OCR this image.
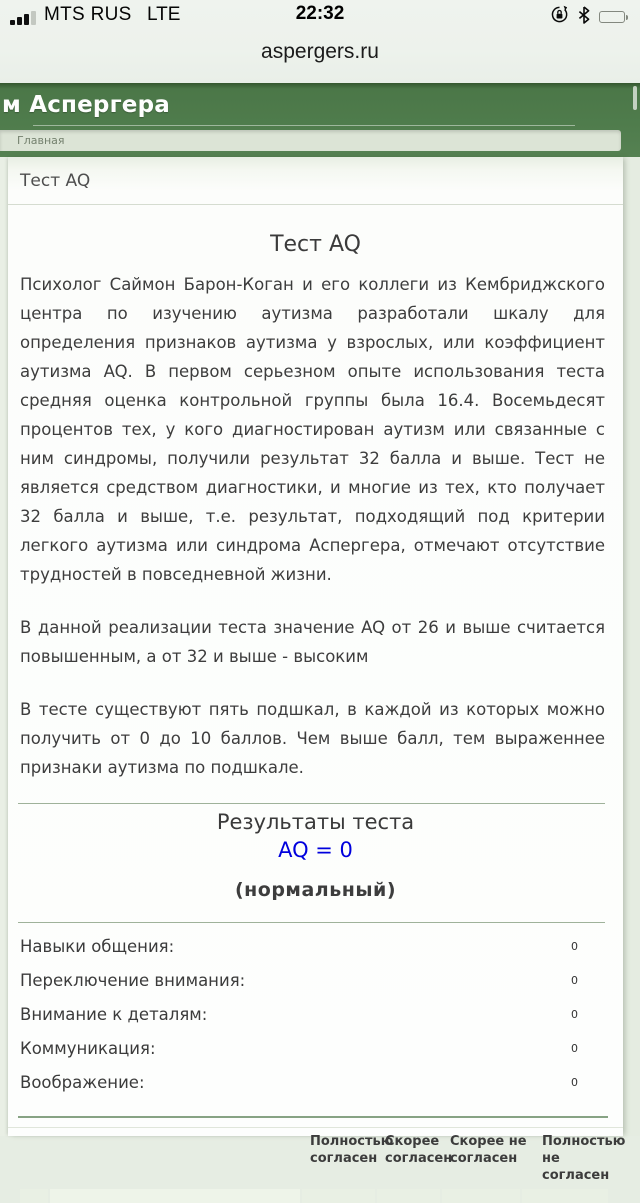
MTS RUS LTE	22:32
aspergers.ru
м Аспергера
Главная
Тест AQ
Тест AQ

Психолог Саймон Барон-Коган и его коллеги из Кембриджского центра по изучению аутизма разработали шкалу для определения признаков аутизма у взрослых, или коэффициент аутизма AQ. В первом серьезном опыте использования теста средняя оценка контрольной группы была 16.4. Восемьдесят процентов тех, у кого диагностирован аутизм или связанные с ним синдромы, получили результат 32 балла и выше. Тест не является средством диагностики, и многие из тех, кто получает 32 балла и выше, т.е. результат, подходящий под критерии легкого аутизма или синдрома Аспергера, отмечают отсутствие трудностей в повседневной жизни.

В данной реализации теста значение AQ от 26 и выше считается повышенным, а от 32 и выше - высоким

В тесте существуют пять подшкал, в каждой из которых можно получить от 0 до 10 баллов. Чем выше балл, тем выраженнее признаки аутизма по подшкале.

Результаты теста
AQ = 0
(нормальный)
Навыки общения:	0
Переключение внимания:	0
Внимание к деталям:	0
Коммуникация:	0
Воображение:	0
Полностью согласен
Скорее согласен
Скорее не согласен
Полностью не согласен
